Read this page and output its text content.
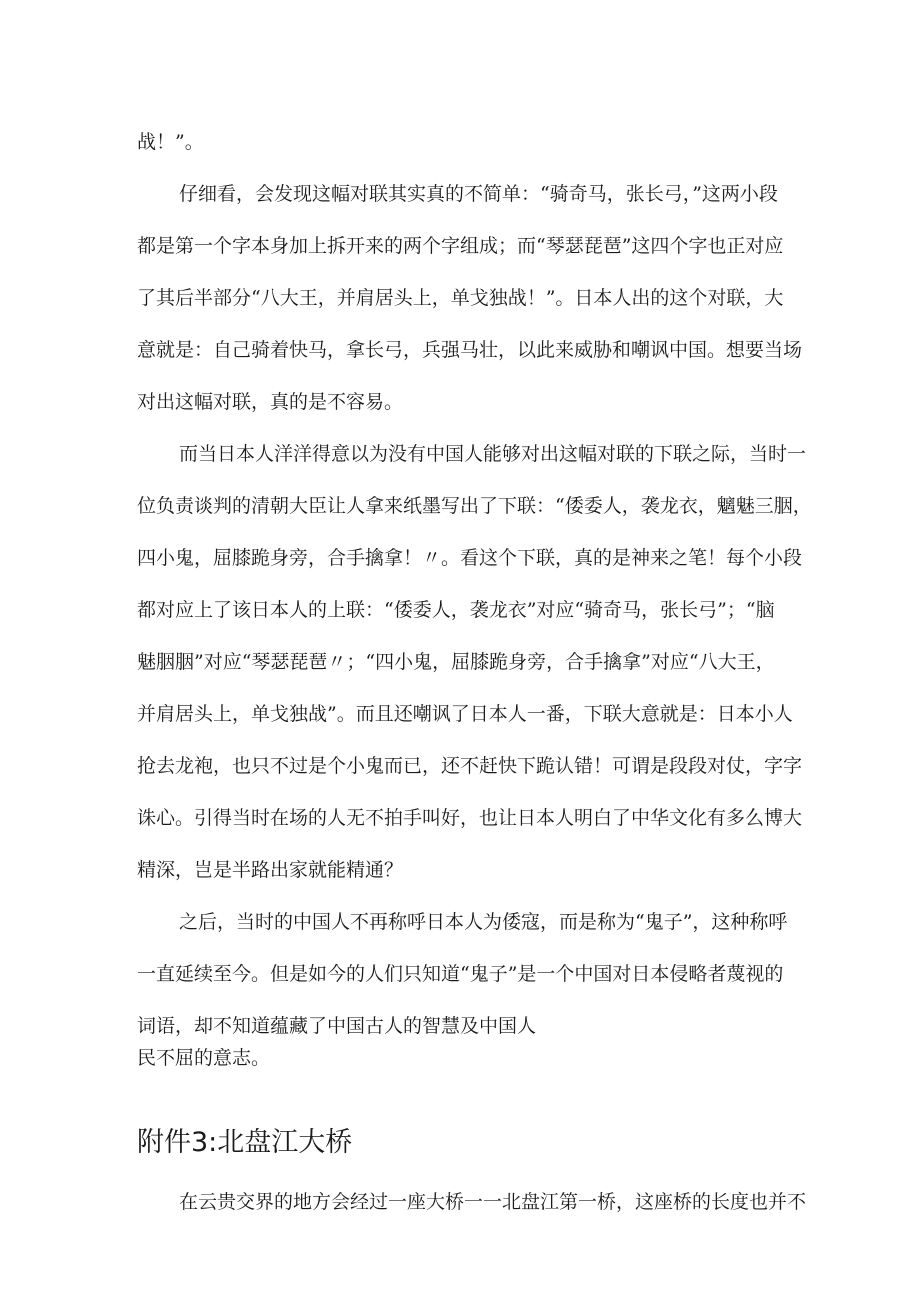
战！”。
仔细看，会发现这幅对联其实真的不简单：“骑奇马，张长弓，”这两小段
都是第一个字本身加上拆开来的两个字组成；而“琴瑟琵琶”这四个字也正对应
了其后半部分“八大王，并肩居头上，单戈独战！”。日本人出的这个对联，大
意就是：自己骑着快马，拿长弓，兵强马壮，以此来威胁和嘲讽中国。想要当场
对出这幅对联，真的是不容易。
而当日本人洋洋得意以为没有中国人能够对出这幅对联的下联之际，当时一
位负责谈判的清朝大臣让人拿来纸墨写出了下联：“倭委人，袭龙衣，魑魅三胭，
四小鬼，屈膝跪身旁，合手擒拿！〃。看这个下联，真的是神来之笔！每个小段
都对应上了该日本人的上联：“倭委人，袭龙衣”对应“骑奇马，张长弓”；“脑
魅胭胭”对应“琴瑟琵琶〃；“四小鬼，屈膝跪身旁，合手擒拿”对应“八大王，
并肩居头上，单戈独战”。而且还嘲讽了日本人一番，下联大意就是：日本小人
抢去龙袍，也只不过是个小鬼而已，还不赶快下跪认错！可谓是段段对仗，字字
诛心。引得当时在场的人无不拍手叫好，也让日本人明白了中华文化有多么博大
精深，岂是半路出家就能精通？
之后，当时的中国人不再称呼日本人为倭寇，而是称为“鬼子”，这种称呼
一直延续至今。但是如今的人们只知道“鬼子”是一个中国对日本侵略者蔑视的
词语，却不知道蕴藏了中国古人的智慧及中国人
民不屈的意志。
附件3:北盘江大桥
在云贵交界的地方会经过一座大桥一一北盘江第一桥，这座桥的长度也并不
